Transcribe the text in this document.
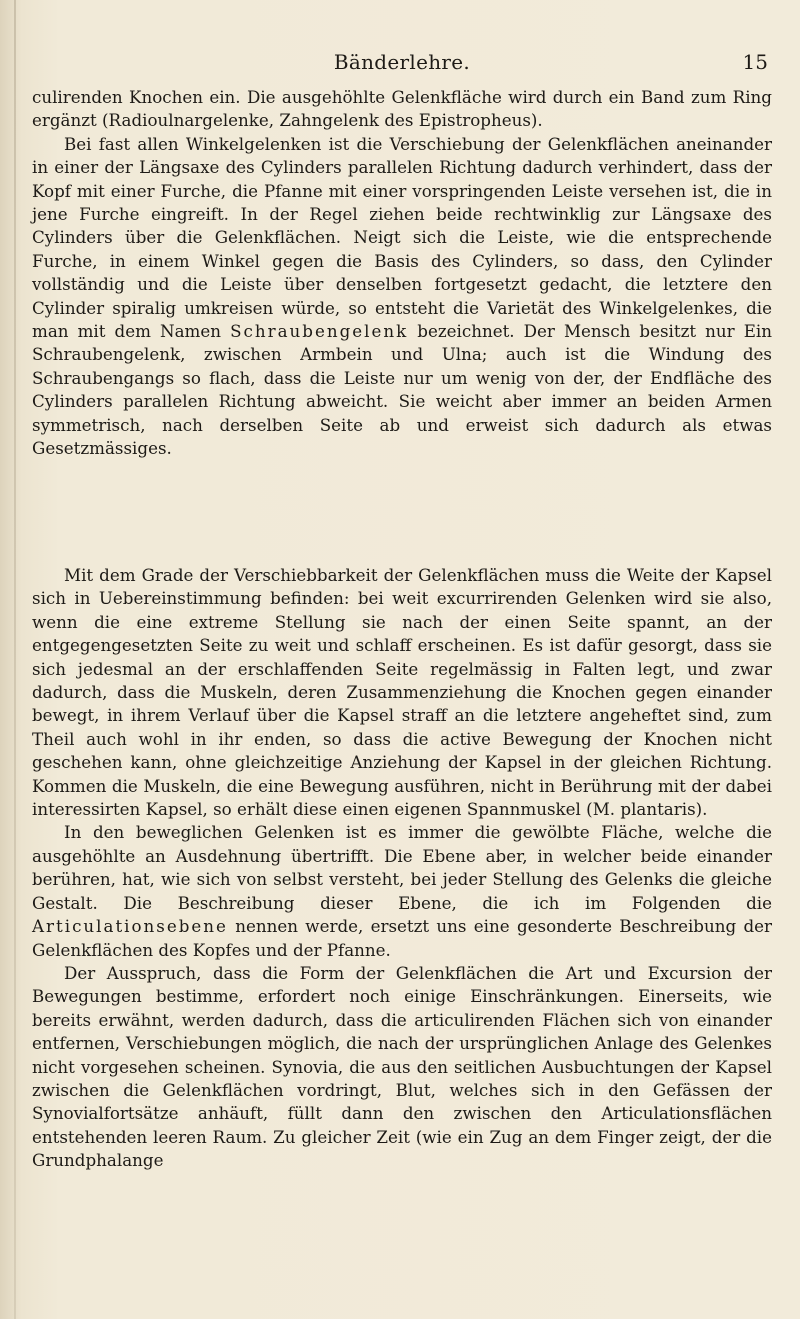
Bänderlehre.	15

culirenden Knochen ein. Die ausgehöhlte Gelenkfläche wird durch ein Band zum Ring ergänzt (Radioulnargelenke, Zahngelenk des Epistropheus).

Bei fast allen Winkelgelenken ist die Verschiebung der Gelenkflächen aneinander in einer der Längsaxe des Cylinders parallelen Richtung dadurch verhindert, dass der Kopf mit einer Furche, die Pfanne mit einer vorspringenden Leiste versehen ist, die in jene Furche eingreift. In der Regel ziehen beide rechtwinklig zur Längsaxe des Cylinders über die Gelenkflächen. Neigt sich die Leiste, wie die entsprechende Furche, in einem Winkel gegen die Basis des Cylinders, so dass, den Cylinder vollständig und die Leiste über denselben fortgesetzt gedacht, die letztere den Cylinder spiralig umkreisen würde, so entsteht die Varietät des Winkelgelenkes, die man mit dem Namen Schraubengelenk bezeichnet. Der Mensch besitzt nur Ein Schraubengelenk, zwischen Armbein und Ulna; auch ist die Windung des Schraubengangs so flach, dass die Leiste nur um wenig von der, der Endfläche des Cylinders parallelen Richtung abweicht. Sie weicht aber immer an beiden Armen symmetrisch, nach derselben Seite ab und erweist sich dadurch als etwas Gesetzmässiges.

Mit dem Grade der Verschiebbarkeit der Gelenkflächen muss die Weite der Kapsel sich in Uebereinstimmung befinden: bei weit excurrirenden Gelenken wird sie also, wenn die eine extreme Stellung sie nach der einen Seite spannt, an der entgegengesetzten Seite zu weit und schlaff erscheinen. Es ist dafür gesorgt, dass sie sich jedesmal an der erschlaffenden Seite regelmässig in Falten legt, und zwar dadurch, dass die Muskeln, deren Zusammenziehung die Knochen gegen einander bewegt, in ihrem Verlauf über die Kapsel straff an die letztere angeheftet sind, zum Theil auch wohl in ihr enden, so dass die active Bewegung der Knochen nicht geschehen kann, ohne gleichzeitige Anziehung der Kapsel in der gleichen Richtung. Kommen die Muskeln, die eine Bewegung ausführen, nicht in Berührung mit der dabei interessirten Kapsel, so erhält diese einen eigenen Spannmuskel (M. plantaris).

In den beweglichen Gelenken ist es immer die gewölbte Fläche, welche die ausgehöhlte an Ausdehnung übertrifft. Die Ebene aber, in welcher beide einander berühren, hat, wie sich von selbst versteht, bei jeder Stellung des Gelenks die gleiche Gestalt. Die Beschreibung dieser Ebene, die ich im Folgenden die Articulationsebene nennen werde, ersetzt uns eine gesonderte Beschreibung der Gelenkflächen des Kopfes und der Pfanne.

Der Ausspruch, dass die Form der Gelenkflächen die Art und Excursion der Bewegungen bestimme, erfordert noch einige Einschränkungen. Einerseits, wie bereits erwähnt, werden dadurch, dass die articulirenden Flächen sich von einander entfernen, Verschiebungen möglich, die nach der ursprünglichen Anlage des Gelenkes nicht vorgesehen scheinen. Synovia, die aus den seitlichen Ausbuchtungen der Kapsel zwischen die Gelenkflächen vordringt, Blut, welches sich in den Gefässen der Synovialfortsätze anhäuft, füllt dann den zwischen den Articulationsflächen entstehenden leeren Raum. Zu gleicher Zeit (wie ein Zug an dem Finger zeigt, der die Grundphalange
